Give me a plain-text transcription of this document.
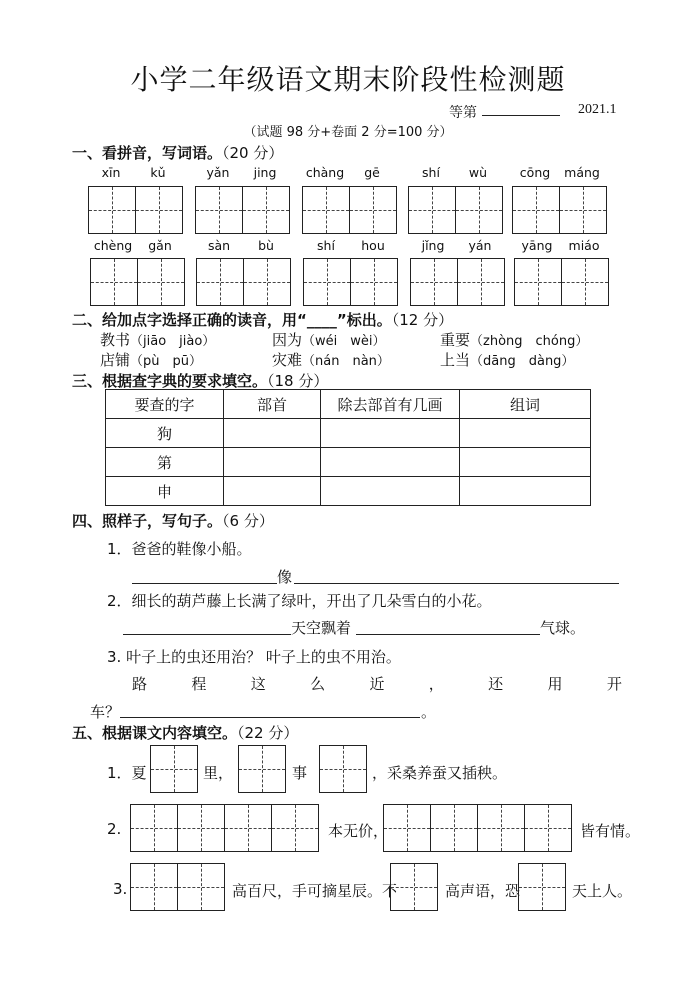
小学二年级语文期末阶段性检测题
等第	2021.1
（试题 98 分+卷面 2 分=100 分）
一、看拼音，写词语。（20 分）
xīn	kǔ	yǎn	jing	chàng	gē	shí	wù	cōng	máng
chèng	gǎn	sàn	bù	shí	hou	jǐng	yán	yāng	miáo
二、给加点字选择正确的读音，用“____”标出。（12 分）
教书（jiāo　jiào）	因为（wéi　wèi）	重要（zhòng　chóng）
店铺（pù　pū）	灾难（nán　nàn）	上当（dāng　dàng）
三、根据查字典的要求填空。（18 分）
要查的字	部首	除去部首有几画	组词
狗			
第			
申			
四、照样子，写句子。（6 分）
1．爸爸的鞋像小船。
像
2．细长的葫芦藤上长满了绿叶，开出了几朵雪白的小花。
天空飘着	气球。
3. 叶子上的虫还用治？ 叶子上的虫不用治。
路	程	这	么	近	，	还	用	开
车？	。
五、根据课文内容填空。（22 分）
1．夏	里，	事	，采桑养蚕又插秧。
2.	本无价，	皆有情。
3.	高百尺，手可摘星辰。不	高声语，恐	天上人。
